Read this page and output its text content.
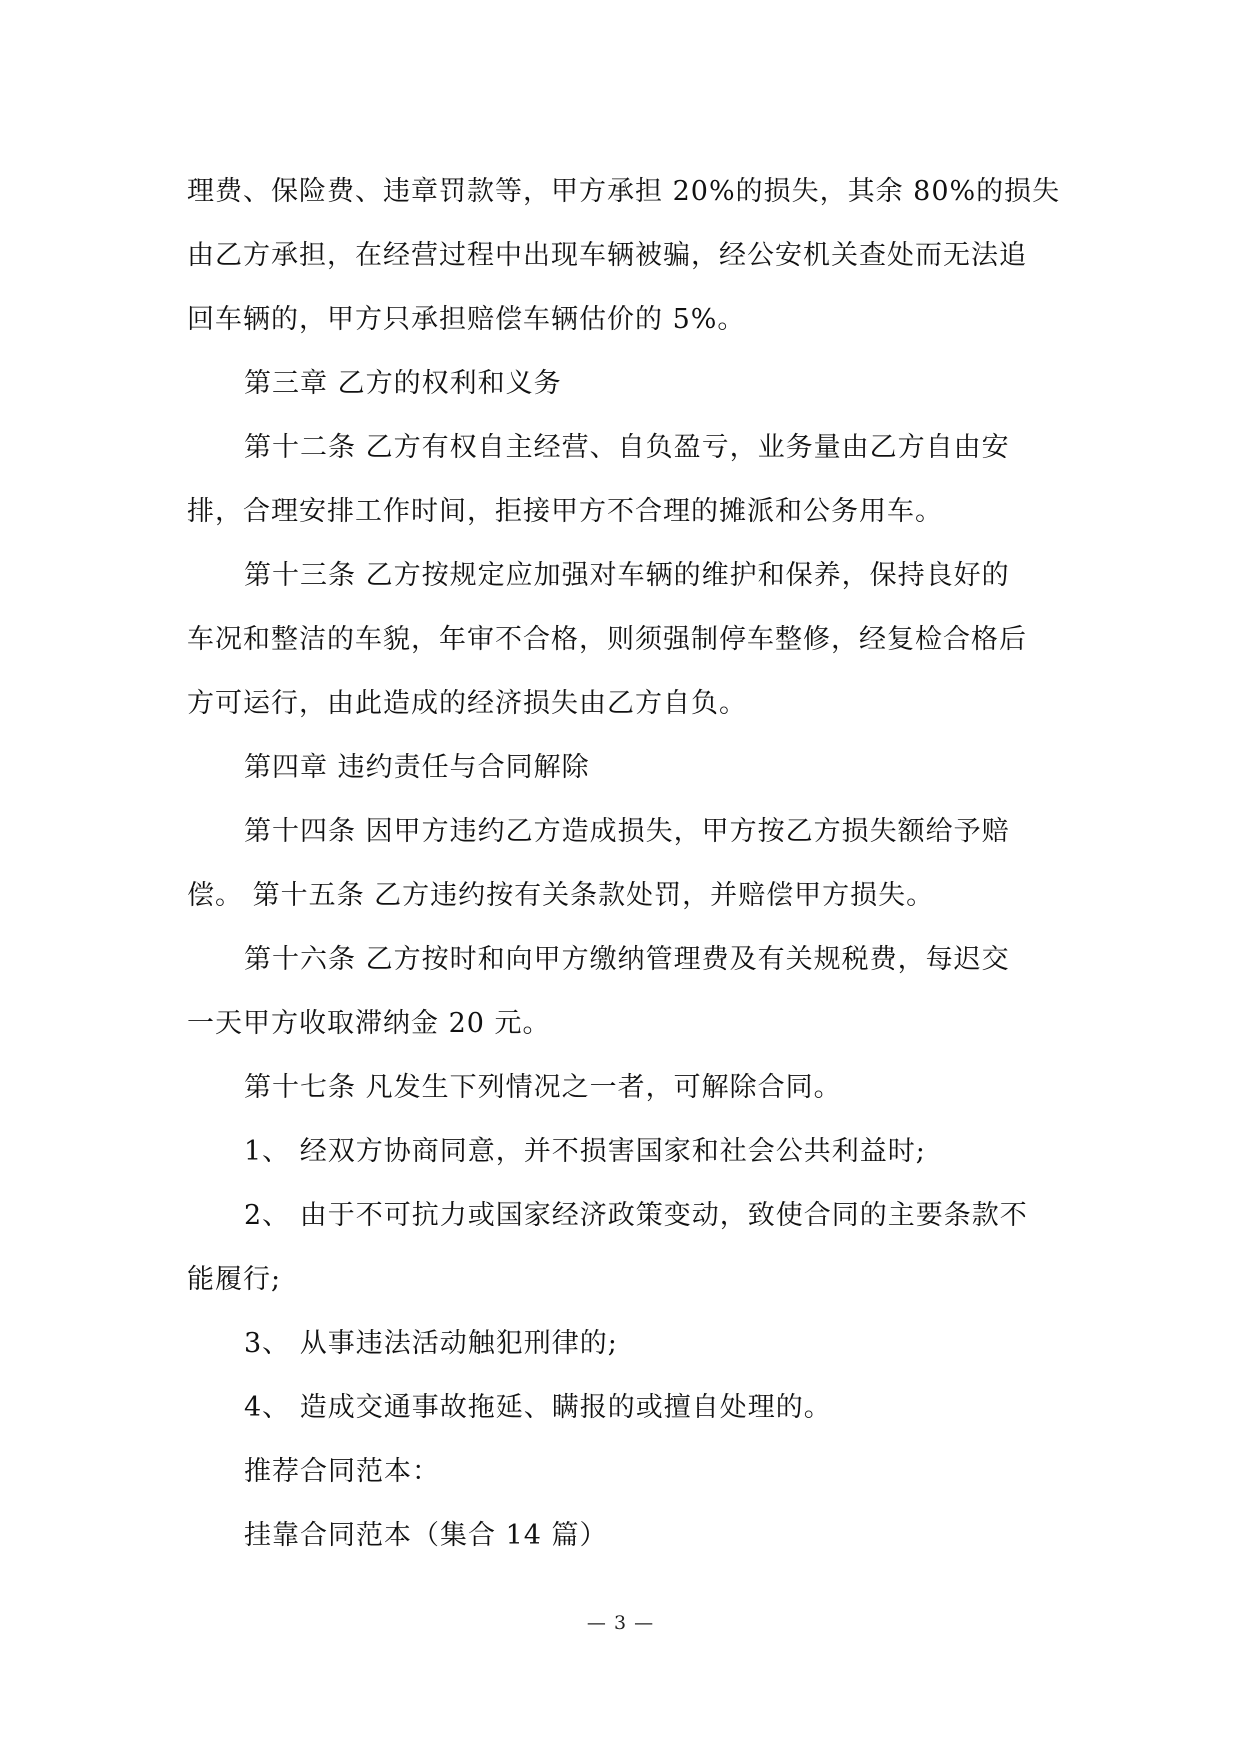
理费、保险费、违章罚款等，甲方承担 20%的损失，其余 80%的损失
由乙方承担，在经营过程中出现车辆被骗，经公安机关查处而无法追
回车辆的，甲方只承担赔偿车辆估价的 5%。
第三章 乙方的权利和义务
第十二条 乙方有权自主经营、自负盈亏，业务量由乙方自由安
排，合理安排工作时间，拒接甲方不合理的摊派和公务用车。
第十三条 乙方按规定应加强对车辆的维护和保养，保持良好的
车况和整洁的车貌，年审不合格，则须强制停车整修，经复检合格后
方可运行，由此造成的经济损失由乙方自负。
第四章 违约责任与合同解除
第十四条 因甲方违约乙方造成损失，甲方按乙方损失额给予赔
偿。 第十五条 乙方违约按有关条款处罚，并赔偿甲方损失。
第十六条 乙方按时和向甲方缴纳管理费及有关规税费，每迟交
一天甲方收取滞纳金 20 元。
第十七条 凡发生下列情况之一者，可解除合同。
1、 经双方协商同意，并不损害国家和社会公共利益时;
2、 由于不可抗力或国家经济政策变动，致使合同的主要条款不
能履行;
3、 从事违法活动触犯刑律的;
4、 造成交通事故拖延、瞒报的或擅自处理的。
推荐合同范本：
挂靠合同范本（集合 14 篇）
— 3 —
